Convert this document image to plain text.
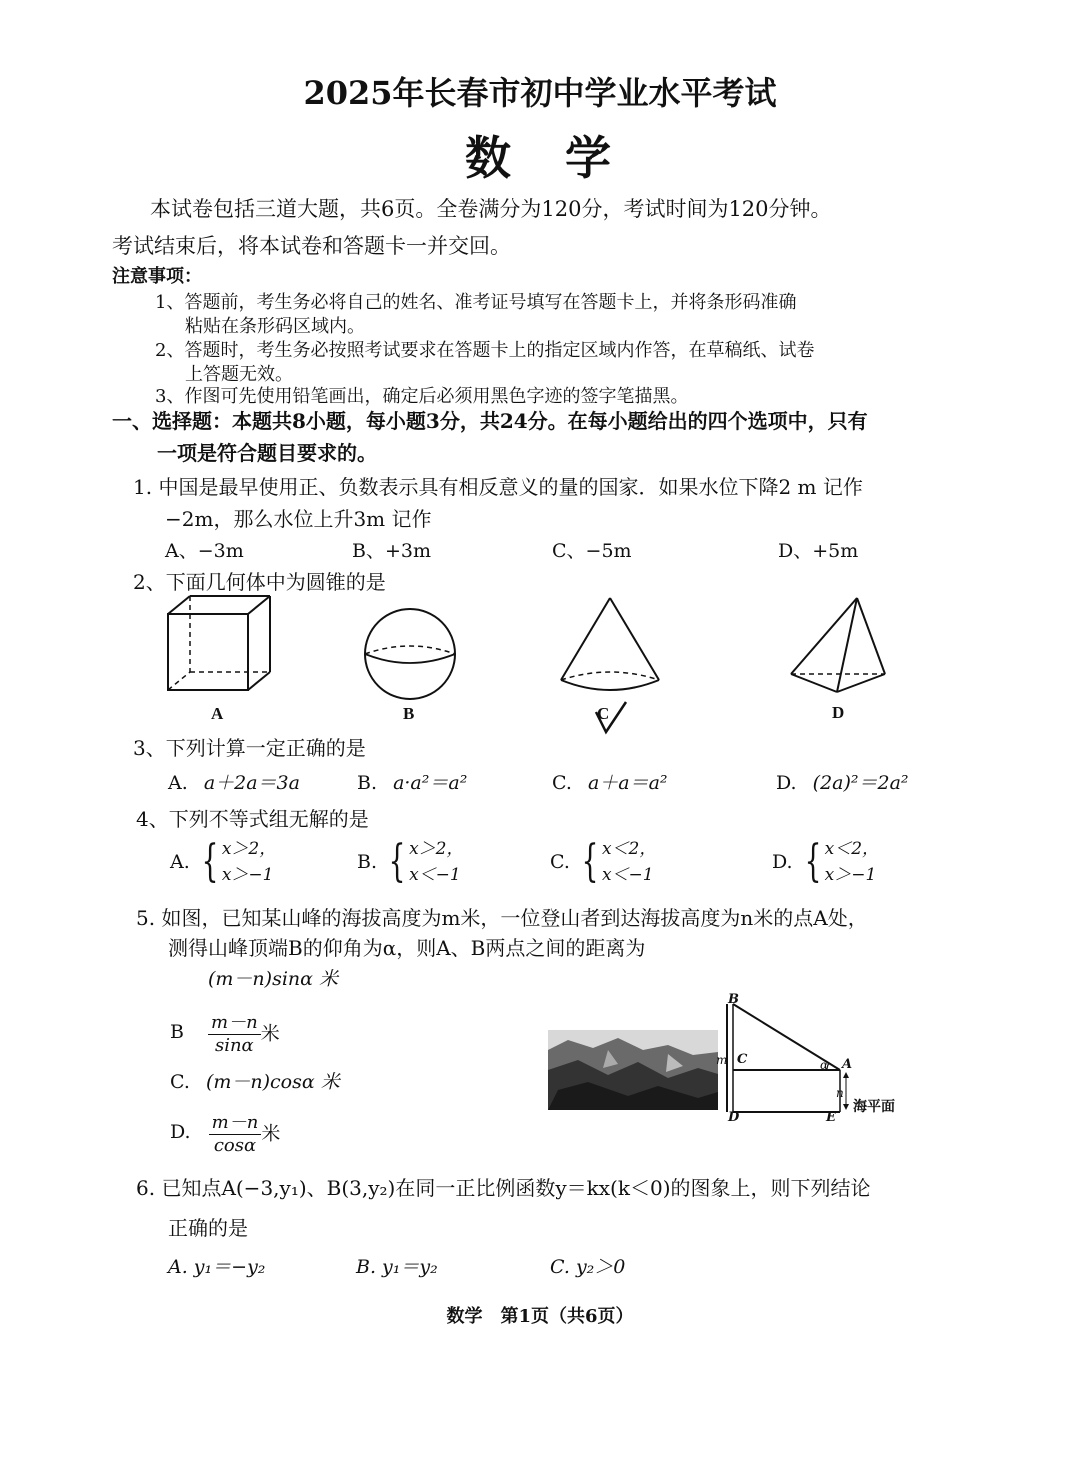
2025年长春市初中学业水平考试
数　学
本试卷包括三道大题，共6页。全卷满分为120分，考试时间为120分钟。
考试结束后，将本试卷和答题卡一并交回。
注意事项：
1、答题前，考生务必将自己的姓名、准考证号填写在答题卡上，并将条形码准确
粘贴在条形码区域内。
2、答题时，考生务必按照考试要求在答题卡上的指定区域内作答，在草稿纸、试卷
上答题无效。
3、作图可先使用铅笔画出，确定后必须用黑色字迹的签字笔描黑。
一、选择题：本题共8小题，每小题3分，共24分。在每小题给出的四个选项中，只有
一项是符合题目要求的。
1. 中国是最早使用正、负数表示具有相反意义的量的国家．如果水位下降2 m 记作
−2m，那么水位上升3m 记作
A、−3m	B、+3m	C、−5m	D、+5m
2、下面几何体中为圆锥的是
A	B	C	D
3、下列计算一定正确的是
A. a＋2a＝3a	B. a·a²＝a²	C. a＋a＝a²	D. (2a)²＝2a²
4、下列不等式组无解的是
A. { x＞2，
x＞−1
B. { x＞2，
x＜−1
C. { x＜2，
x＜−1
D. { x＜2，
x＞−1
5. 如图，已知某山峰的海拔高度为m米，一位登山者到达海拔高度为n米的点A处，
测得山峰顶端B的仰角为α，则A、B两点之间的距离为
(m－n)sinα 米
B $\frac{m-n}{\sin\alpha}$ 米
C. (m－n)cosα 米
D. $\frac{m-n}{\cos\alpha}$ 米
B
C	A
D	E
m
n
α
海平面
6. 已知点A(−3,y₁)、B(3,y₂)在同一正比例函数y＝kx(k＜0)的图象上，则下列结论
正确的是
A. y₁＝−y₂	B. y₁＝y₂	C. y₂＞0
数学　第1页（共6页）
